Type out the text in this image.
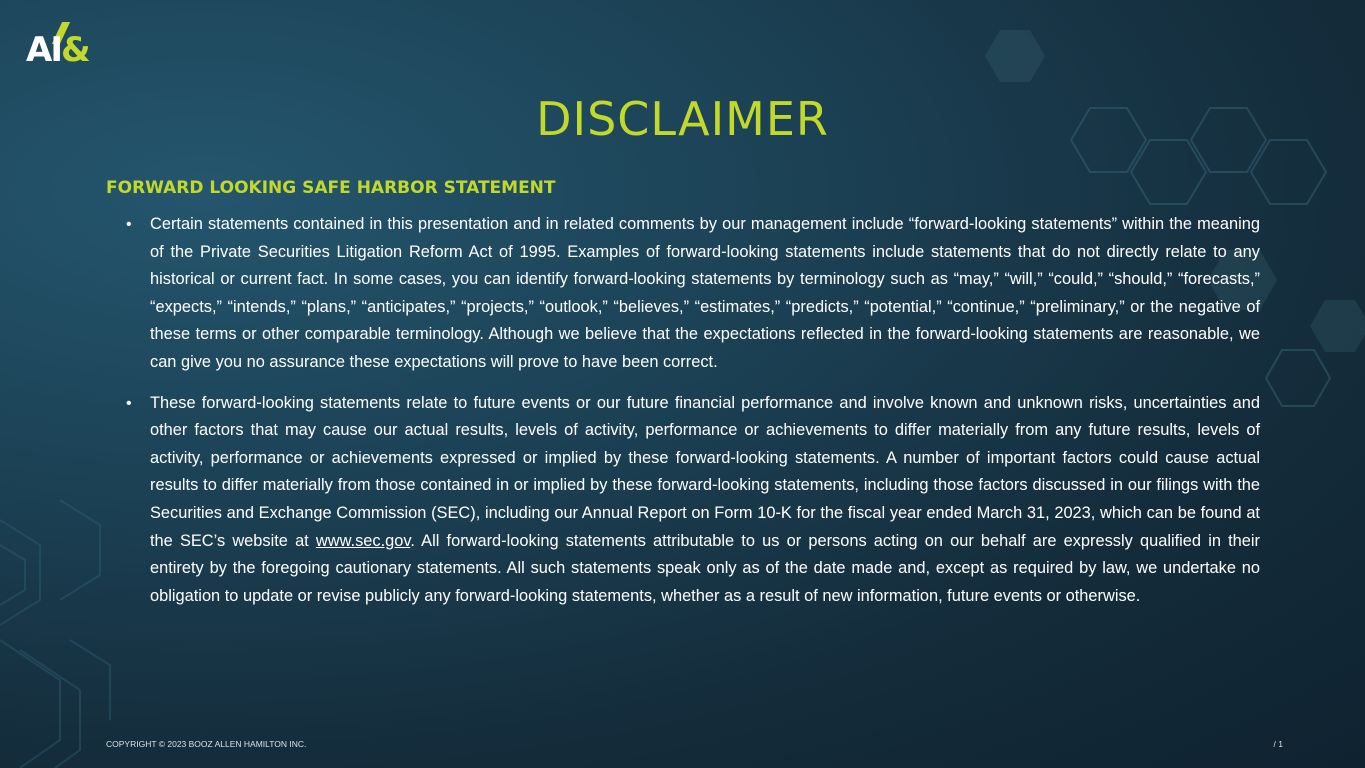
AI&
DISCLAIMER
FORWARD LOOKING SAFE HARBOR STATEMENT
• Certain statements contained in this presentation and in related comments by our management include “forward-looking statements” within the meaning of the Private Securities Litigation Reform Act of 1995. Examples of forward-looking statements include statements that do not directly relate to any historical or current fact. In some cases, you can identify forward-looking statements by terminology such as “may,” “will,” “could,” “should,” “forecasts,” “expects,” “intends,” “plans,” “anticipates,” “projects,” “outlook,” “believes,” “estimates,” “predicts,” “potential,” “continue,” “preliminary,” or the negative of these terms or other comparable terminology. Although we believe that the expectations reflected in the forward-looking statements are reasonable, we can give you no assurance these expectations will prove to have been correct.
• These forward-looking statements relate to future events or our future financial performance and involve known and unknown risks, uncertainties and other factors that may cause our actual results, levels of activity, performance or achievements to differ materially from any future results, levels of activity, performance or achievements expressed or implied by these forward-looking statements. A number of important factors could cause actual results to differ materially from those contained in or implied by these forward-looking statements, including those factors discussed in our filings with the Securities and Exchange Commission (SEC), including our Annual Report on Form 10-K for the fiscal year ended March 31, 2023, which can be found at the SEC’s website at www.sec.gov. All forward-looking statements attributable to us or persons acting on our behalf are expressly qualified in their entirety by the foregoing cautionary statements. All such statements speak only as of the date made and, except as required by law, we undertake no obligation to update or revise publicly any forward-looking statements, whether as a result of new information, future events or otherwise.
COPYRIGHT © 2023 BOOZ ALLEN HAMILTON INC.	/ 1
